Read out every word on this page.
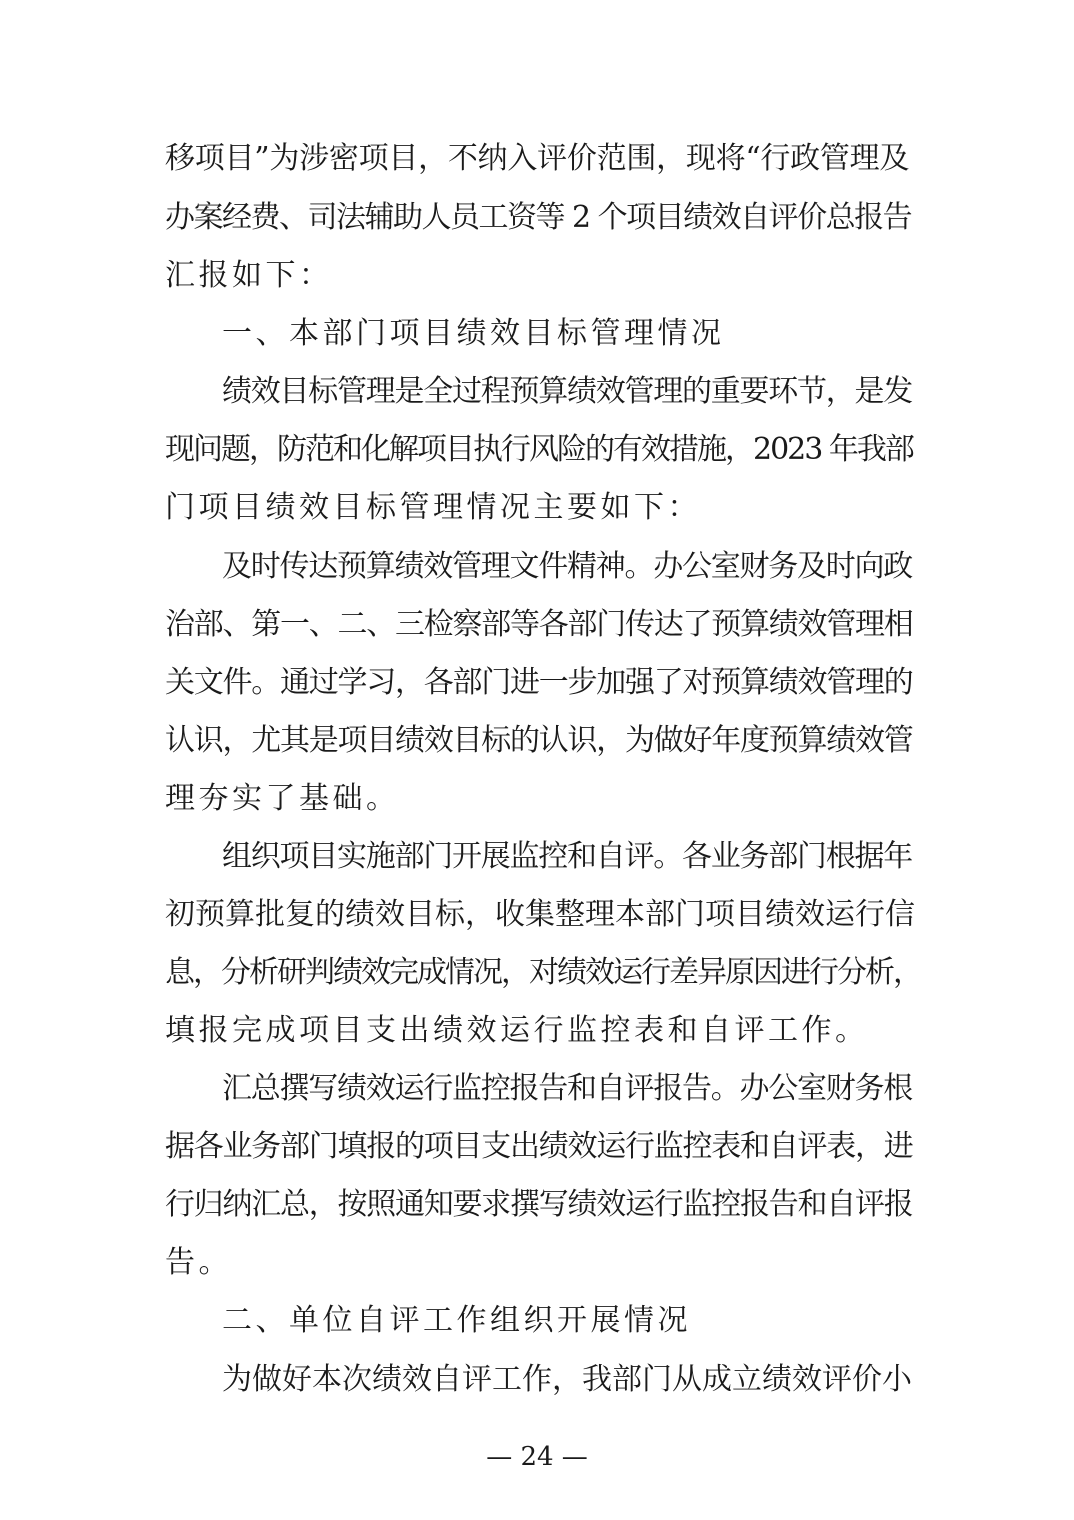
移项目”为涉密项目，不纳入评价范围，现将“行政管理及
办案经费、司法辅助人员工资等 2 个项目绩效自评价总报告
汇报如下：
一、本部门项目绩效目标管理情况
绩效目标管理是全过程预算绩效管理的重要环节，是发
现问题，防范和化解项目执行风险的有效措施，2023 年我部
门项目绩效目标管理情况主要如下：
及时传达预算绩效管理文件精神。办公室财务及时向政
治部、第一、二、三检察部等各部门传达了预算绩效管理相
关文件。通过学习，各部门进一步加强了对预算绩效管理的
认识，尤其是项目绩效目标的认识，为做好年度预算绩效管
理夯实了基础。
组织项目实施部门开展监控和自评。各业务部门根据年
初预算批复的绩效目标，收集整理本部门项目绩效运行信
息，分析研判绩效完成情况，对绩效运行差异原因进行分析，
填报完成项目支出绩效运行监控表和自评工作。
汇总撰写绩效运行监控报告和自评报告。办公室财务根
据各业务部门填报的项目支出绩效运行监控表和自评表，进
行归纳汇总，按照通知要求撰写绩效运行监控报告和自评报
告。
二、单位自评工作组织开展情况
为做好本次绩效自评工作，我部门从成立绩效评价小
— 24 —
